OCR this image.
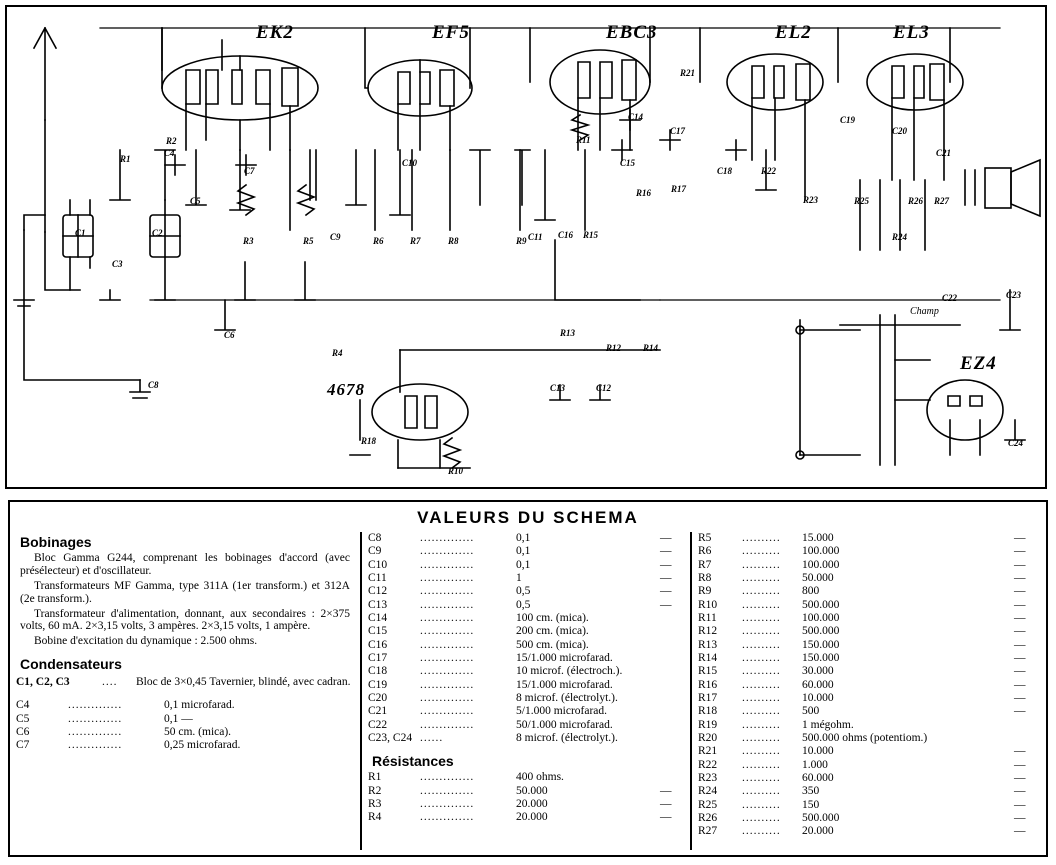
EK2	EF5	EBC3	EL2	EL3
EZ4
4678
C1	C2
C3
C4
C5
C6
C7
C8
C9
C10
C11
C12
C13
C14
C15
C16
C17
C18
C19
C20
C21
C22	C23
C24
R1
R2
R3
R4
R5	R6	R7	R8	R9
R10
R11
R12
R13
R14
R15
R16 R17
R18
R21
R22
R23
R24
R25	R26 R27
Champ
VALEURS DU SCHEMA
Bobinages

Bloc Gamma G244, comprenant les bobinages d'accord (avec présélecteur) et d'oscillateur.

Transformateurs MF Gamma, type 311A (1er transform.) et 312A (2e transform.).

Transformateur d'alimentation, donnant, aux secondaires : 2×375 volts, 60 mA. 2×3,15 volts, 3 ampères. 2×3,15 volts, 1 ampère.

Bobine d'excitation du dynamique : 2.500 ohms.

Condensateurs
C1, C2, C3	....	Bloc de 3×0,45 Tavernier, blindé, avec cadran.
C4	..............	0,1 microfarad.
C5	..............	0,1 —
C6	..............	50 cm. (mica).
C7	..............	0,25 microfarad.
C8	..............	0,1	—
C9	..............	0,1	—
C10	..............	0,1	—
C11	..............	1	—
C12	..............	0,5	—
C13	..............	0,5	—
C14	..............	100 cm. (mica).
C15	..............	200 cm. (mica).
C16	..............	500 cm. (mica).
C17	..............	15/1.000 microfarad.
C18	..............	10 microf. (électroch.).
C19	..............	15/1.000 microfarad.
C20	..............	8 microf. (électrolyt.).
C21	..............	5/1.000 microfarad.
C22	..............	50/1.000 microfarad.
C23, C24 ......	8 microf. (électrolyt.).
Résistances
R1	..............	400 ohms.
R2	..............	50.000	—
R3	..............	20.000	—
R4	..............	20.000	—
R5	..........	15.000	—
R6	..........	100.000	—
R7	..........	100.000	—
R8	..........	50.000	—
R9	..........	800	—
R10	..........	500.000	—
R11	..........	100.000	—
R12	..........	500.000	—
R13	..........	150.000	—
R14	..........	150.000	—
R15	..........	30.000	—
R16	..........	60.000	—
R17	..........	10.000	—
R18	..........	500	—
R19	..........	1 mégohm.
R20	..........	500.000 ohms (potentiom.)
R21	..........	10.000	—
R22	..........	1.000	—
R23	..........	60.000	—
R24	..........	350	—
R25	..........	150	—
R26	..........	500.000	—
R27	..........	20.000	—
